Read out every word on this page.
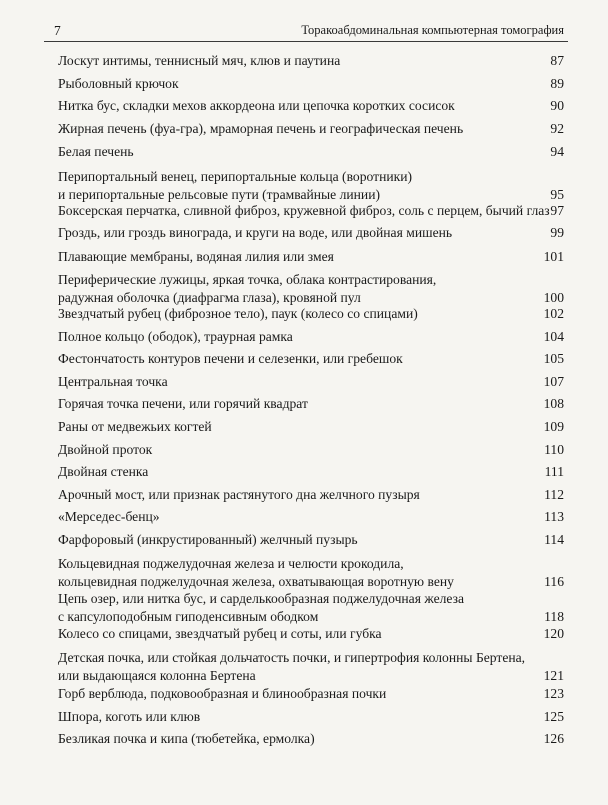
7	Торакоабдоминальная компьютерная томография
Лоскут интимы, теннисный мяч, клюв и паутина	87
Рыболовный крючок	89
Нитка бус, складки мехов аккордеона или цепочка коротких сосисок	90
Жирная печень (фуа-гра), мраморная печень и географическая печень	92
Белая печень	94
Перипортальный венец, перипортальные кольца (воротники)
и перипортальные рельсовые пути (трамвайные линии)	95
Боксерская перчатка, сливной фиброз, кружевной фиброз, соль с перцем, бычий глаз 97
Гроздь, или гроздь винограда, и круги на воде, или двойная мишень	99
Плавающие мембраны, водяная лилия или змея	101
Периферические лужицы, яркая точка, облака контрастирования,
радужная оболочка (диафрагма глаза), кровяной пул	100
Звездчатый рубец (фиброзное тело), паук (колесо со спицами)	102
Полное кольцо (ободок), траурная рамка	104
Фестончатость контуров печени и селезенки, или гребешок	105
Центральная точка	107
Горячая точка печени, или горячий квадрат	108
Раны от медвежьих когтей	109
Двойной проток	110
Двойная стенка	111
Арочный мост, или признак растянутого дна желчного пузыря	112
«Мерседес-бенц»	113
Фарфоровый (инкрустированный) желчный пузырь	114
Кольцевидная поджелудочная железа и челюсти крокодила,
кольцевидная поджелудочная железа, охватывающая воротную вену	116
Цепь озер, или нитка бус, и сарделькообразная поджелудочная железа
с капсулоподобным гиподенсивным ободком	118
Колесо со спицами, звездчатый рубец и соты, или губка	120
Детская почка, или стойкая дольчатость почки, и гипертрофия колонны Бертена,
или выдающаяся колонна Бертена	121
Горб верблюда, подковообразная и блинообразная почки	123
Шпора, коготь или клюв	125
Безликая почка и кипа (тюбетейка, ермолка)	126
